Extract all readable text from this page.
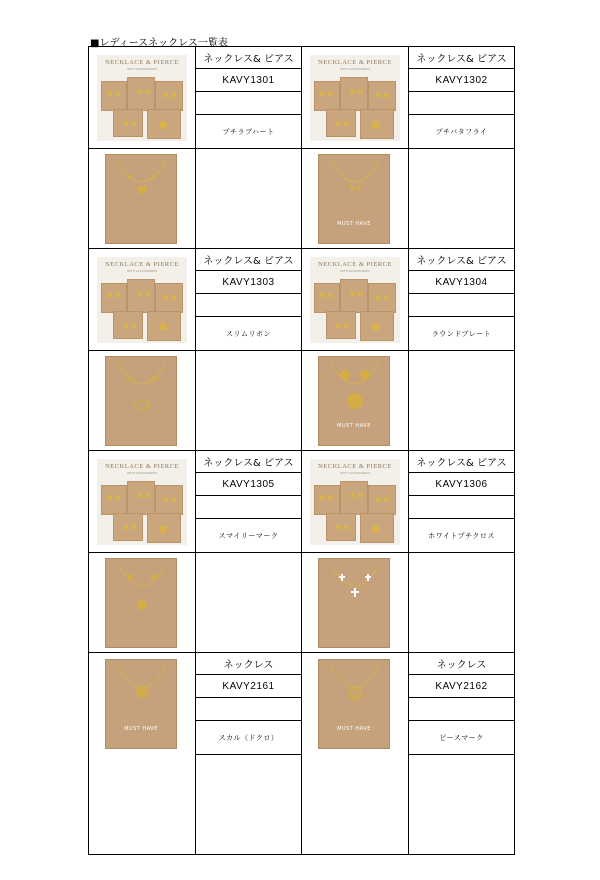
■レディースネックレス一覧表
NECKLACE & PIERCE
WITH ACCESSORIES
ネックレス& ピアス
KAVY1301
プチラブハート
NECKLACE & PIERCE
WITH ACCESSORIES
MUST HAVE
ネックレス& ピアス
KAVY1302
プチバタフライ
NECKLACE & PIERCE
WITH ACCESSORIES
ネックレス& ピアス
KAVY1303
スリムリボン
NECKLACE & PIERCE
WITH ACCESSORIES
MUST HAVE
ネックレス& ピアス
KAVY1304
ラウンドプレート
NECKLACE & PIERCE
WITH ACCESSORIES
ネックレス& ピアス
KAVY1305
スマイリーマーク
NECKLACE & PIERCE
WITH ACCESSORIES
ネックレス& ピアス
KAVY1306
ホワイトプチクロス
MUST HAVE
ネックレス
KAVY2161
スカル（ドクロ）
MUST HAVE
ネックレス
KAVY2162
ピースマーク
